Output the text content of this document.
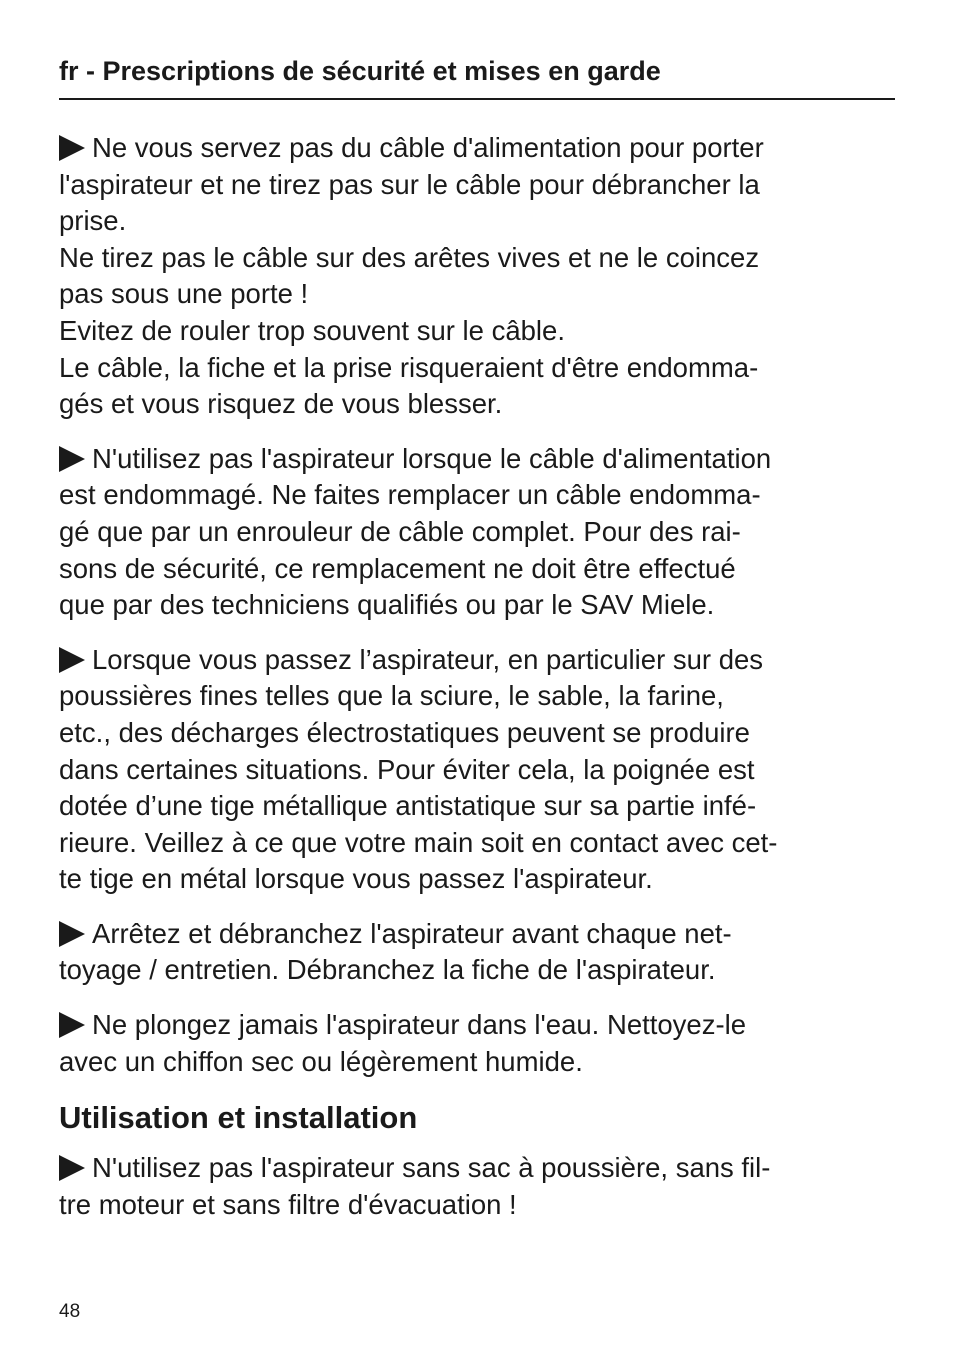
fr - Prescriptions de sécurité et mises en garde
Ne vous servez pas du câble d'alimentation pour porter
l'aspirateur et ne tirez pas sur le câble pour débrancher la
prise.
Ne tirez pas le câble sur des arêtes vives et ne le coincez
pas sous une porte !
Evitez de rouler trop souvent sur le câble.
Le câble, la fiche et la prise risqueraient d'être endomma-
gés et vous risquez de vous blesser.
N'utilisez pas l'aspirateur lorsque le câble d'alimentation
est endommagé. Ne faites remplacer un câble endomma-
gé que par un enrouleur de câble complet. Pour des rai-
sons de sécurité, ce remplacement ne doit être effectué
que par des techniciens qualifiés ou par le SAV Miele.
Lorsque vous passez l’aspirateur, en particulier sur des
poussières fines telles que la sciure, le sable, la farine,
etc., des décharges électrostatiques peuvent se produire
dans certaines situations. Pour éviter cela, la poignée est
dotée d’une tige métallique antistatique sur sa partie infé-
rieure. Veillez à ce que votre main soit en contact avec cet-
te tige en métal lorsque vous passez l'aspirateur.
Arrêtez et débranchez l'aspirateur avant chaque net-
toyage / entretien. Débranchez la fiche de l'aspirateur.
Ne plongez jamais l'aspirateur dans l'eau. Nettoyez-le
avec un chiffon sec ou légèrement humide.
Utilisation et installation
N'utilisez pas l'aspirateur sans sac à poussière, sans fil-
tre moteur et sans filtre d'évacuation !
48
